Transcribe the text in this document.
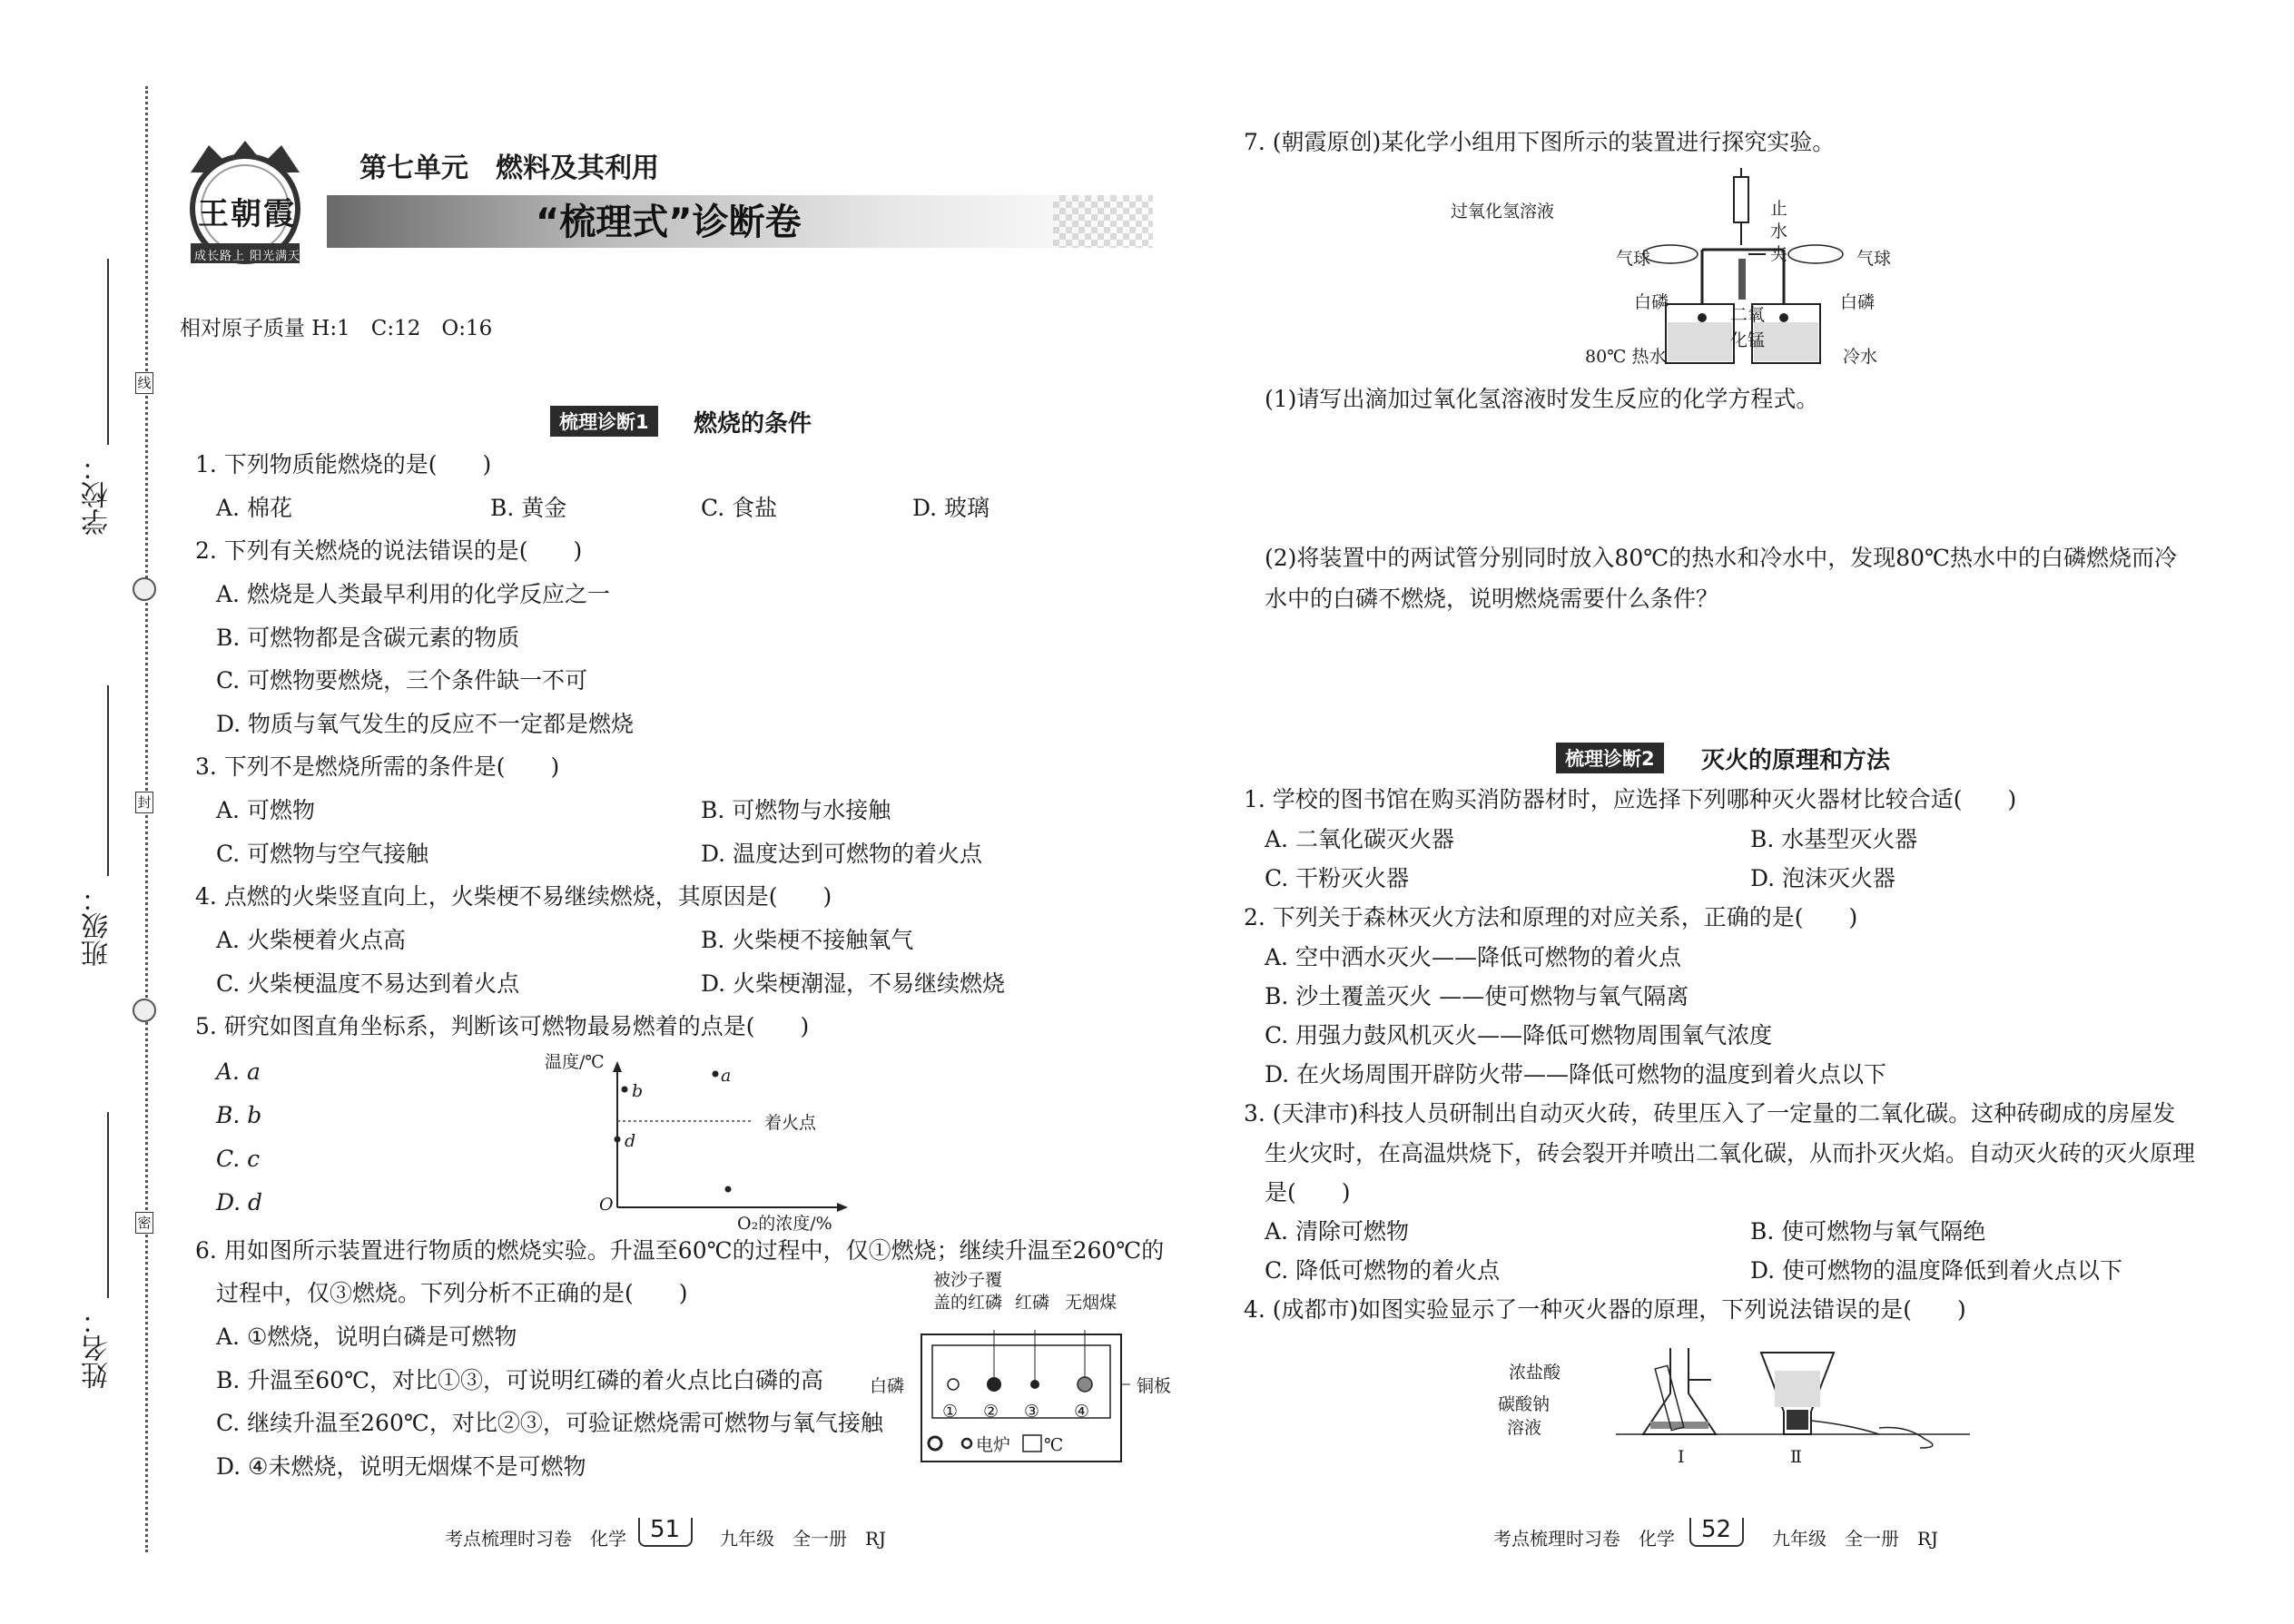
线
封
密
学校：
班级：
姓名：
王朝霞
成长路上 阳光满天
第七单元　燃料及其利用
“梳理式”诊断卷
相对原子质量 H:1　C:12　O:16
梳理诊断1	燃烧的条件
1. 下列物质能燃烧的是(　　)
A. 棉花	B. 黄金	C. 食盐	D. 玻璃
2. 下列有关燃烧的说法错误的是(　　)
A. 燃烧是人类最早利用的化学反应之一
B. 可燃物都是含碳元素的物质
C. 可燃物要燃烧，三个条件缺一不可
D. 物质与氧气发生的反应不一定都是燃烧
3. 下列不是燃烧所需的条件是(　　)
A. 可燃物	B. 可燃物与水接触
C. 可燃物与空气接触	D. 温度达到可燃物的着火点
4. 点燃的火柴竖直向上，火柴梗不易继续燃烧，其原因是(　　)
A. 火柴梗着火点高	B. 火柴梗不接触氧气
C. 火柴梗温度不易达到着火点	D. 火柴梗潮湿，不易继续燃烧
5. 研究如图直角坐标系，判断该可燃物最易燃着的点是(　　)
A. a
B. b
C. c
D. d
温度/℃
O₂的浓度/%
O
着火点
b
a
d
6. 用如图所示装置进行物质的燃烧实验。升温至60℃的过程中，仅①燃烧；继续升温至260℃的
过程中，仅③燃烧。下列分析不正确的是(　　)
A. ①燃烧，说明白磷是可燃物
B. 升温至60℃，对比①③，可说明红磷的着火点比白磷的高
C. 继续升温至260℃，对比②③，可验证燃烧需可燃物与氧气接触
D. ④未燃烧，说明无烟煤不是可燃物
被沙子覆
盖的红磷 红磷 无烟煤
白磷	铜板
① ② ③ ④
电炉 ℃
考点梳理时习卷　化学 51 九年级　全一册　RJ
7. (朝霞原创)某化学小组用下图所示的装置进行探究实验。
过氧化氢溶液	止
水
夹
气球	气球
白磷	白磷
二氧
化锰
80℃ 热水	冷水
(1)请写出滴加过氧化氢溶液时发生反应的化学方程式。
(2)将装置中的两试管分别同时放入80℃的热水和冷水中，发现80℃热水中的白磷燃烧而冷
水中的白磷不燃烧，说明燃烧需要什么条件？
梳理诊断2	灭火的原理和方法
1. 学校的图书馆在购买消防器材时，应选择下列哪种灭火器材比较合适(　　)
A. 二氧化碳灭火器	B. 水基型灭火器
C. 干粉灭火器	D. 泡沫灭火器
2. 下列关于森林灭火方法和原理的对应关系，正确的是(　　)
A. 空中洒水灭火——降低可燃物的着火点
B. 沙土覆盖灭火 ——使可燃物与氧气隔离
C. 用强力鼓风机灭火——降低可燃物周围氧气浓度
D. 在火场周围开辟防火带——降低可燃物的温度到着火点以下
3. (天津市)科技人员研制出自动灭火砖，砖里压入了一定量的二氧化碳。这种砖砌成的房屋发
生火灾时，在高温烘烧下，砖会裂开并喷出二氧化碳，从而扑灭火焰。自动灭火砖的灭火原理
是(　　)
A. 清除可燃物	B. 使可燃物与氧气隔绝
C. 降低可燃物的着火点	D. 使可燃物的温度降低到着火点以下
4. (成都市)如图实验显示了一种灭火器的原理，下列说法错误的是(　　)
浓盐酸
碳酸钠
溶液
Ⅰ	Ⅱ
考点梳理时习卷　化学 52 九年级　全一册　RJ
